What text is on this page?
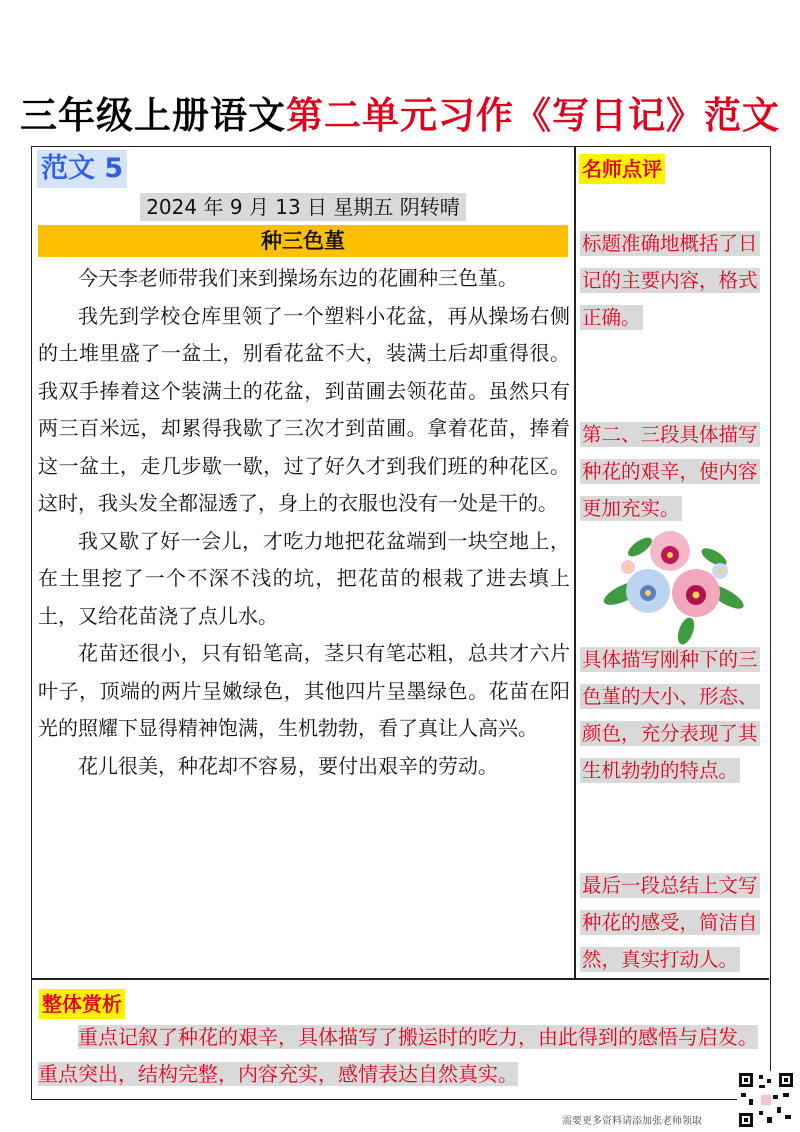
三年级上册语文第二单元习作《写日记》范文
范文 5
2024 年 9 月 13 日 星期五 阴转晴
种三色堇

今天李老师带我们来到操场东边的花圃种三色堇。

我先到学校仓库里领了一个塑料小花盆，再从操场右侧的土堆里盛了一盆土，别看花盆不大，装满土后却重得很。我双手捧着这个装满土的花盆，到苗圃去领花苗。虽然只有两三百米远，却累得我歇了三次才到苗圃。拿着花苗，捧着这一盆土，走几步歇一歇，过了好久才到我们班的种花区。这时，我头发全都湿透了，身上的衣服也没有一处是干的。

我又歇了好一会儿，才吃力地把花盆端到一块空地上，在土里挖了一个不深不浅的坑，把花苗的根栽了进去填上土，又给花苗浇了点儿水。

花苗还很小，只有铅笔高，茎只有笔芯粗，总共才六片叶子，顶端的两片呈嫩绿色，其他四片呈墨绿色。花苗在阳光的照耀下显得精神饱满，生机勃勃，看了真让人高兴。

花儿很美，种花却不容易，要付出艰辛的劳动。

名师点评
标题准确地概括了日记的主要内容，格式正确。
第二、三段具体描写种花的艰辛，使内容更加充实。
具体描写刚种下的三色堇的大小、形态、颜色，充分表现了其生机勃勃的特点。
最后一段总结上文写种花的感受，简洁自然，真实打动人。
整体赏析
重点记叙了种花的艰辛，具体描写了搬运时的吃力，由此得到的感悟与启发。重点突出，结构完整，内容充实，感情表达自然真实。
需要更多资料请添加张老师领取
